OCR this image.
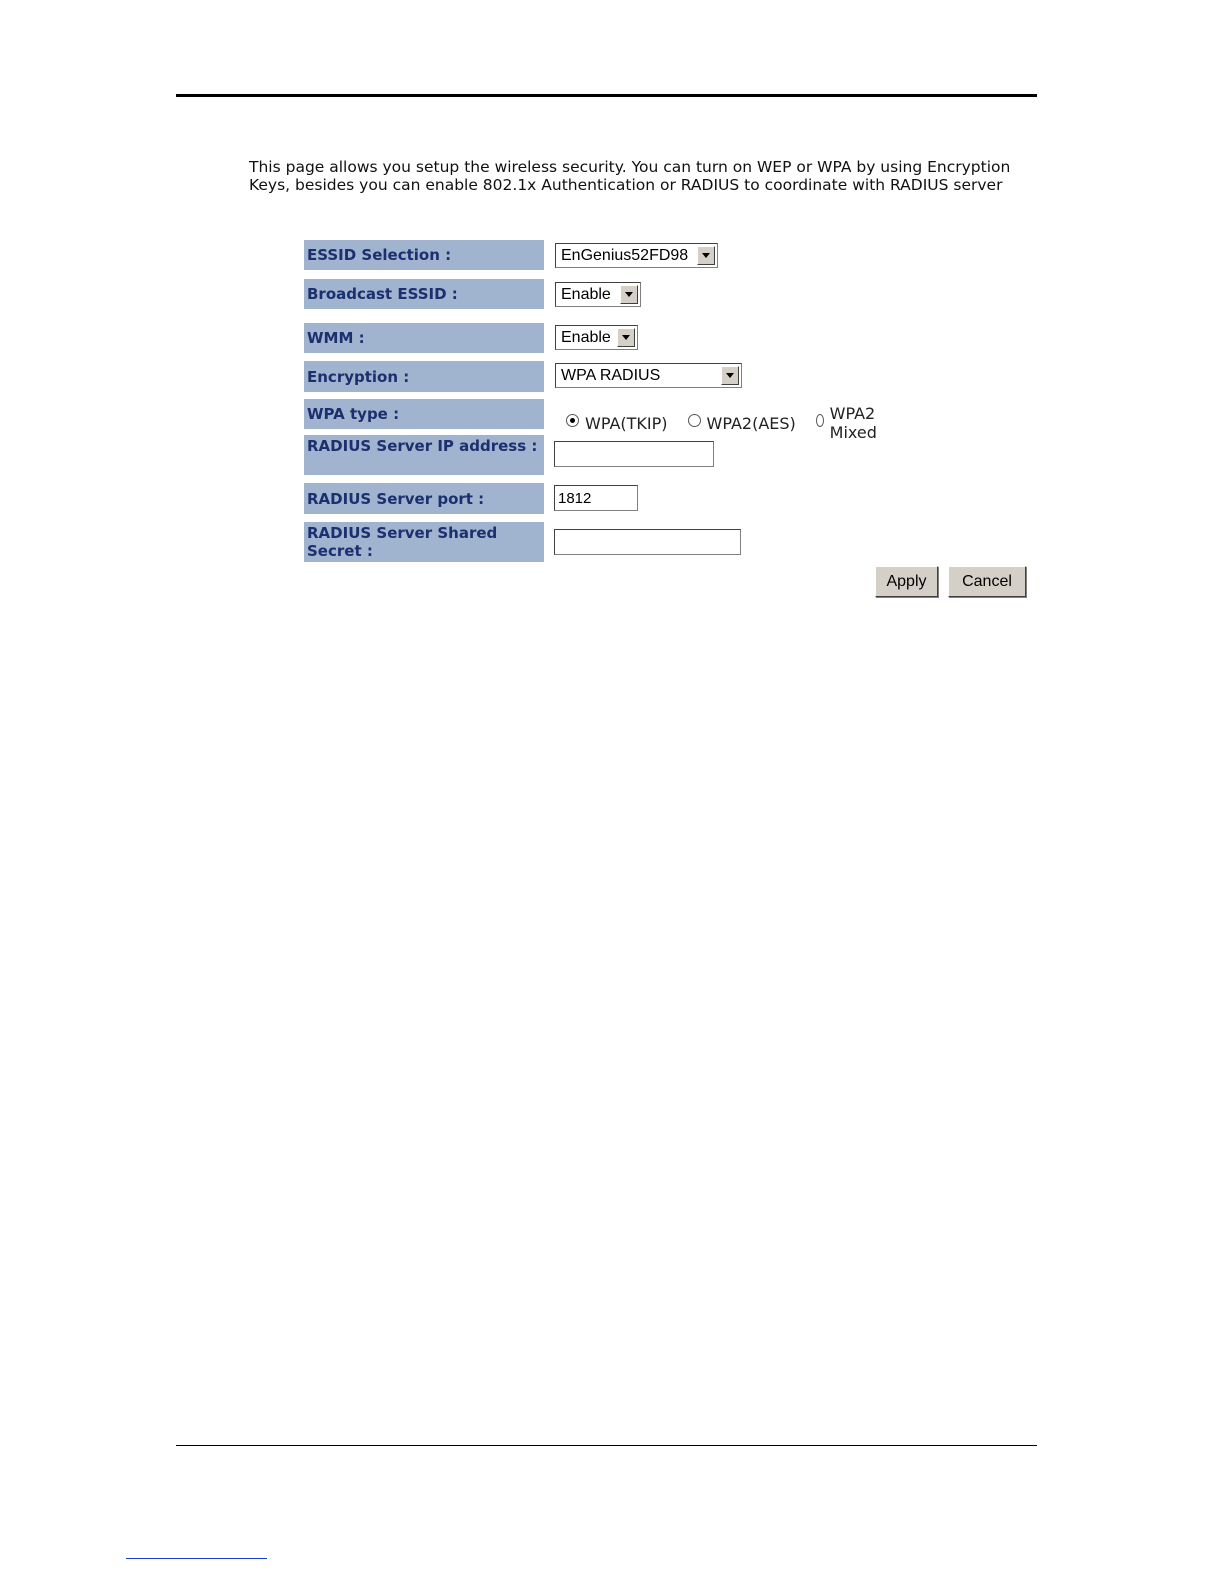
This page allows you setup the wireless security. You can turn on WEP or WPA by using Encryption Keys, besides you can enable 802.1x Authentication or RADIUS to coordinate with RADIUS server

ESSID Selection :	EnGenius52FD98
Broadcast ESSID :	Enable
WMM :	Enable
Encryption :	WPA RADIUS
WPA type :	WPA(TKIP) WPA2(AES) WPA2 Mixed
RADIUS Server IP address :
RADIUS Server port :	1812
RADIUS Server Shared Secret :
Apply	Cancel
